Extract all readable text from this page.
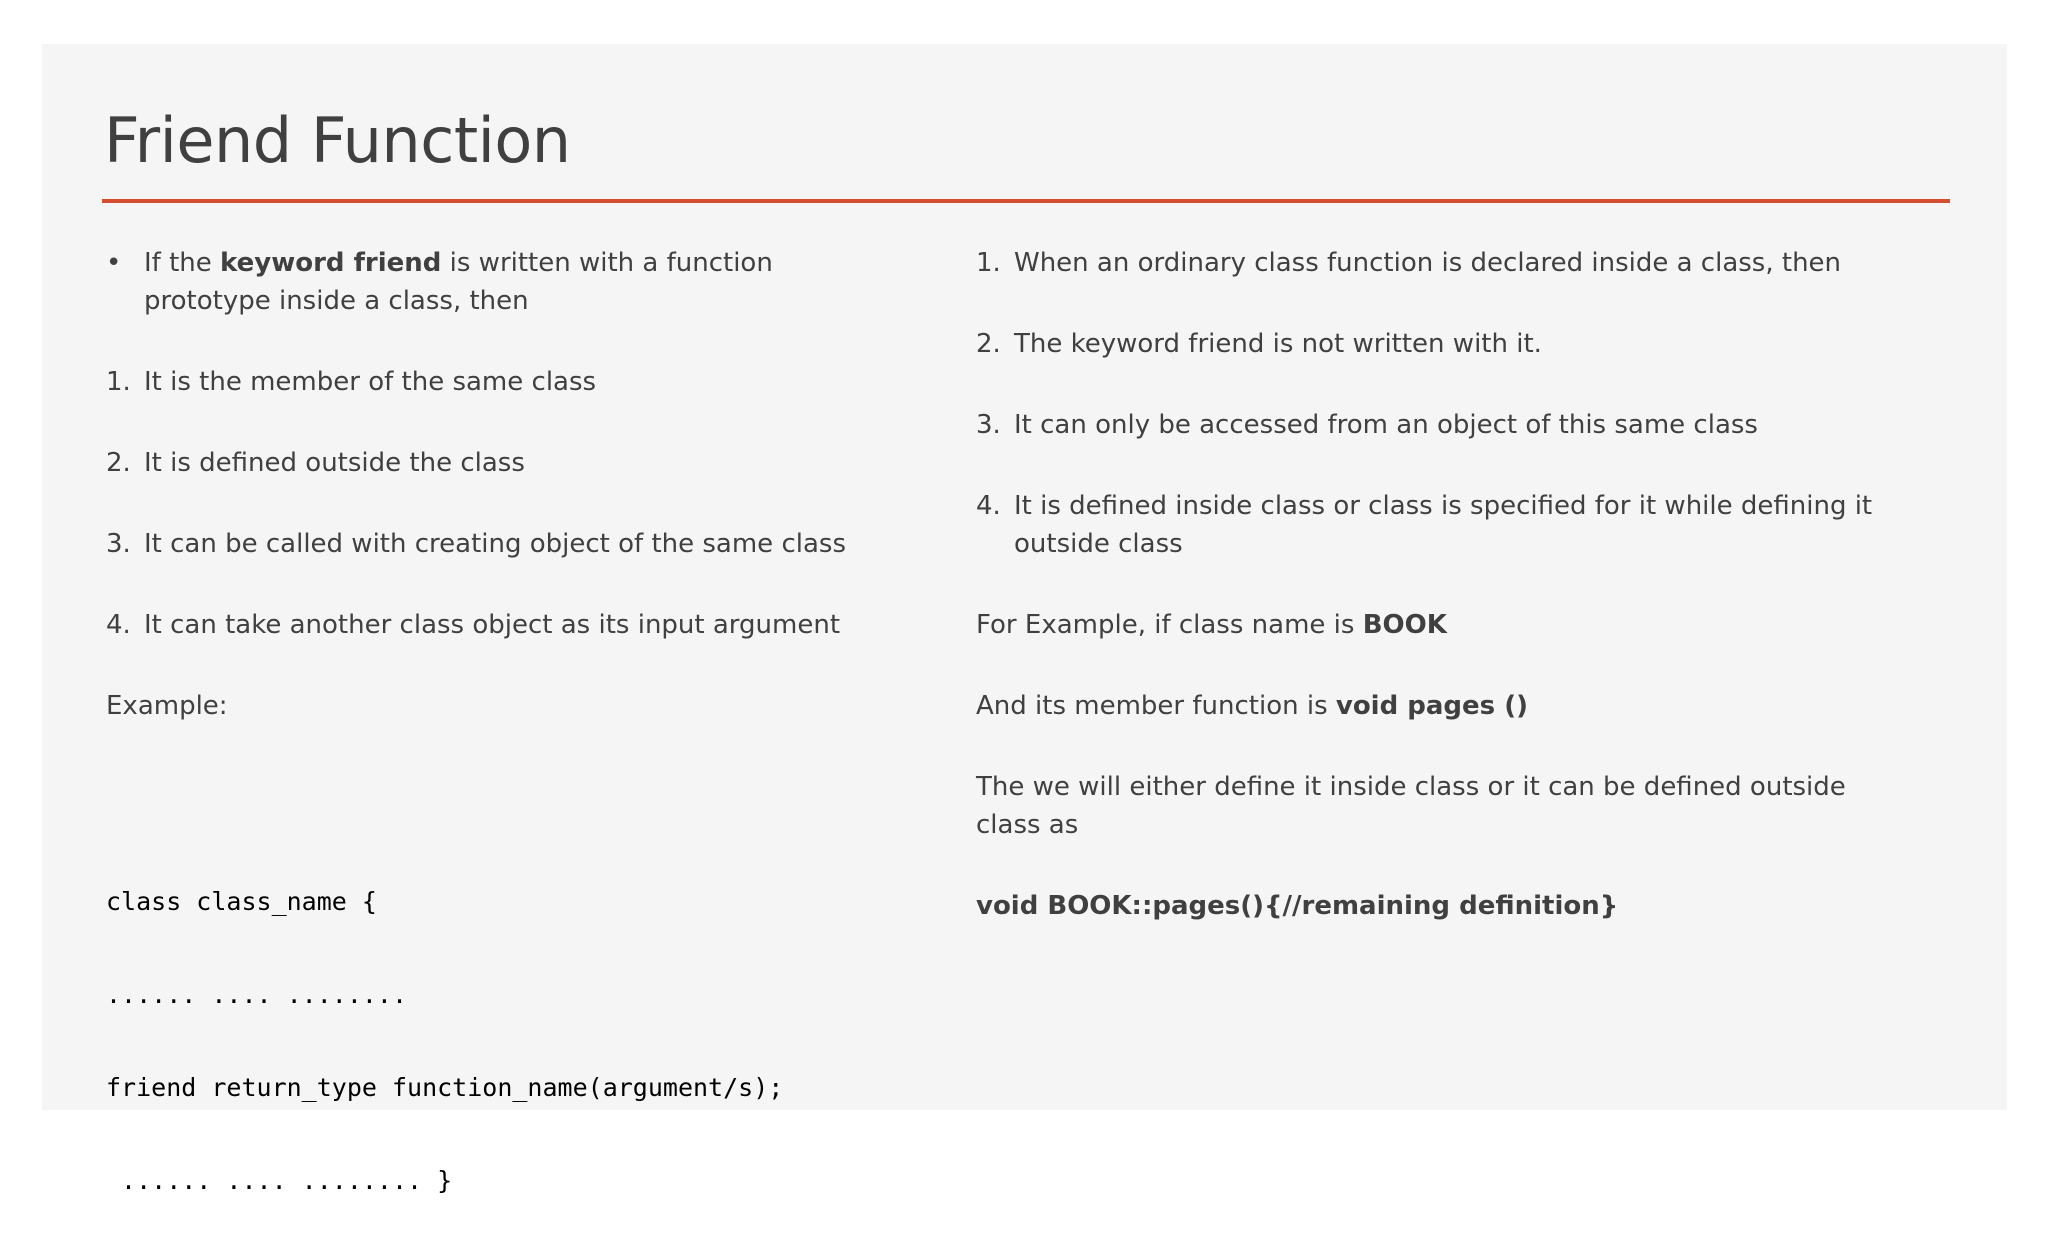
Friend Function
• If the keyword friend is written with a function prototype inside a class, then
1. It is the member of the same class
2. It is defined outside the class
3. It can be called with creating object of the same class
4. It can take another class object as its input argument
Example:

class class_name {

...... .... ........

friend return_type function_name(argument/s);

...... .... ........ }

1. When an ordinary class function is declared inside a class, then
2. The keyword friend is not written with it.
3. It can only be accessed from an object of this same class
4. It is defined inside class or class is specified for it while defining it outside class
For Example, if class name is BOOK
And its member function is void pages ()
The we will either define it inside class or it can be defined outside class as
void BOOK::pages(){//remaining definition}
